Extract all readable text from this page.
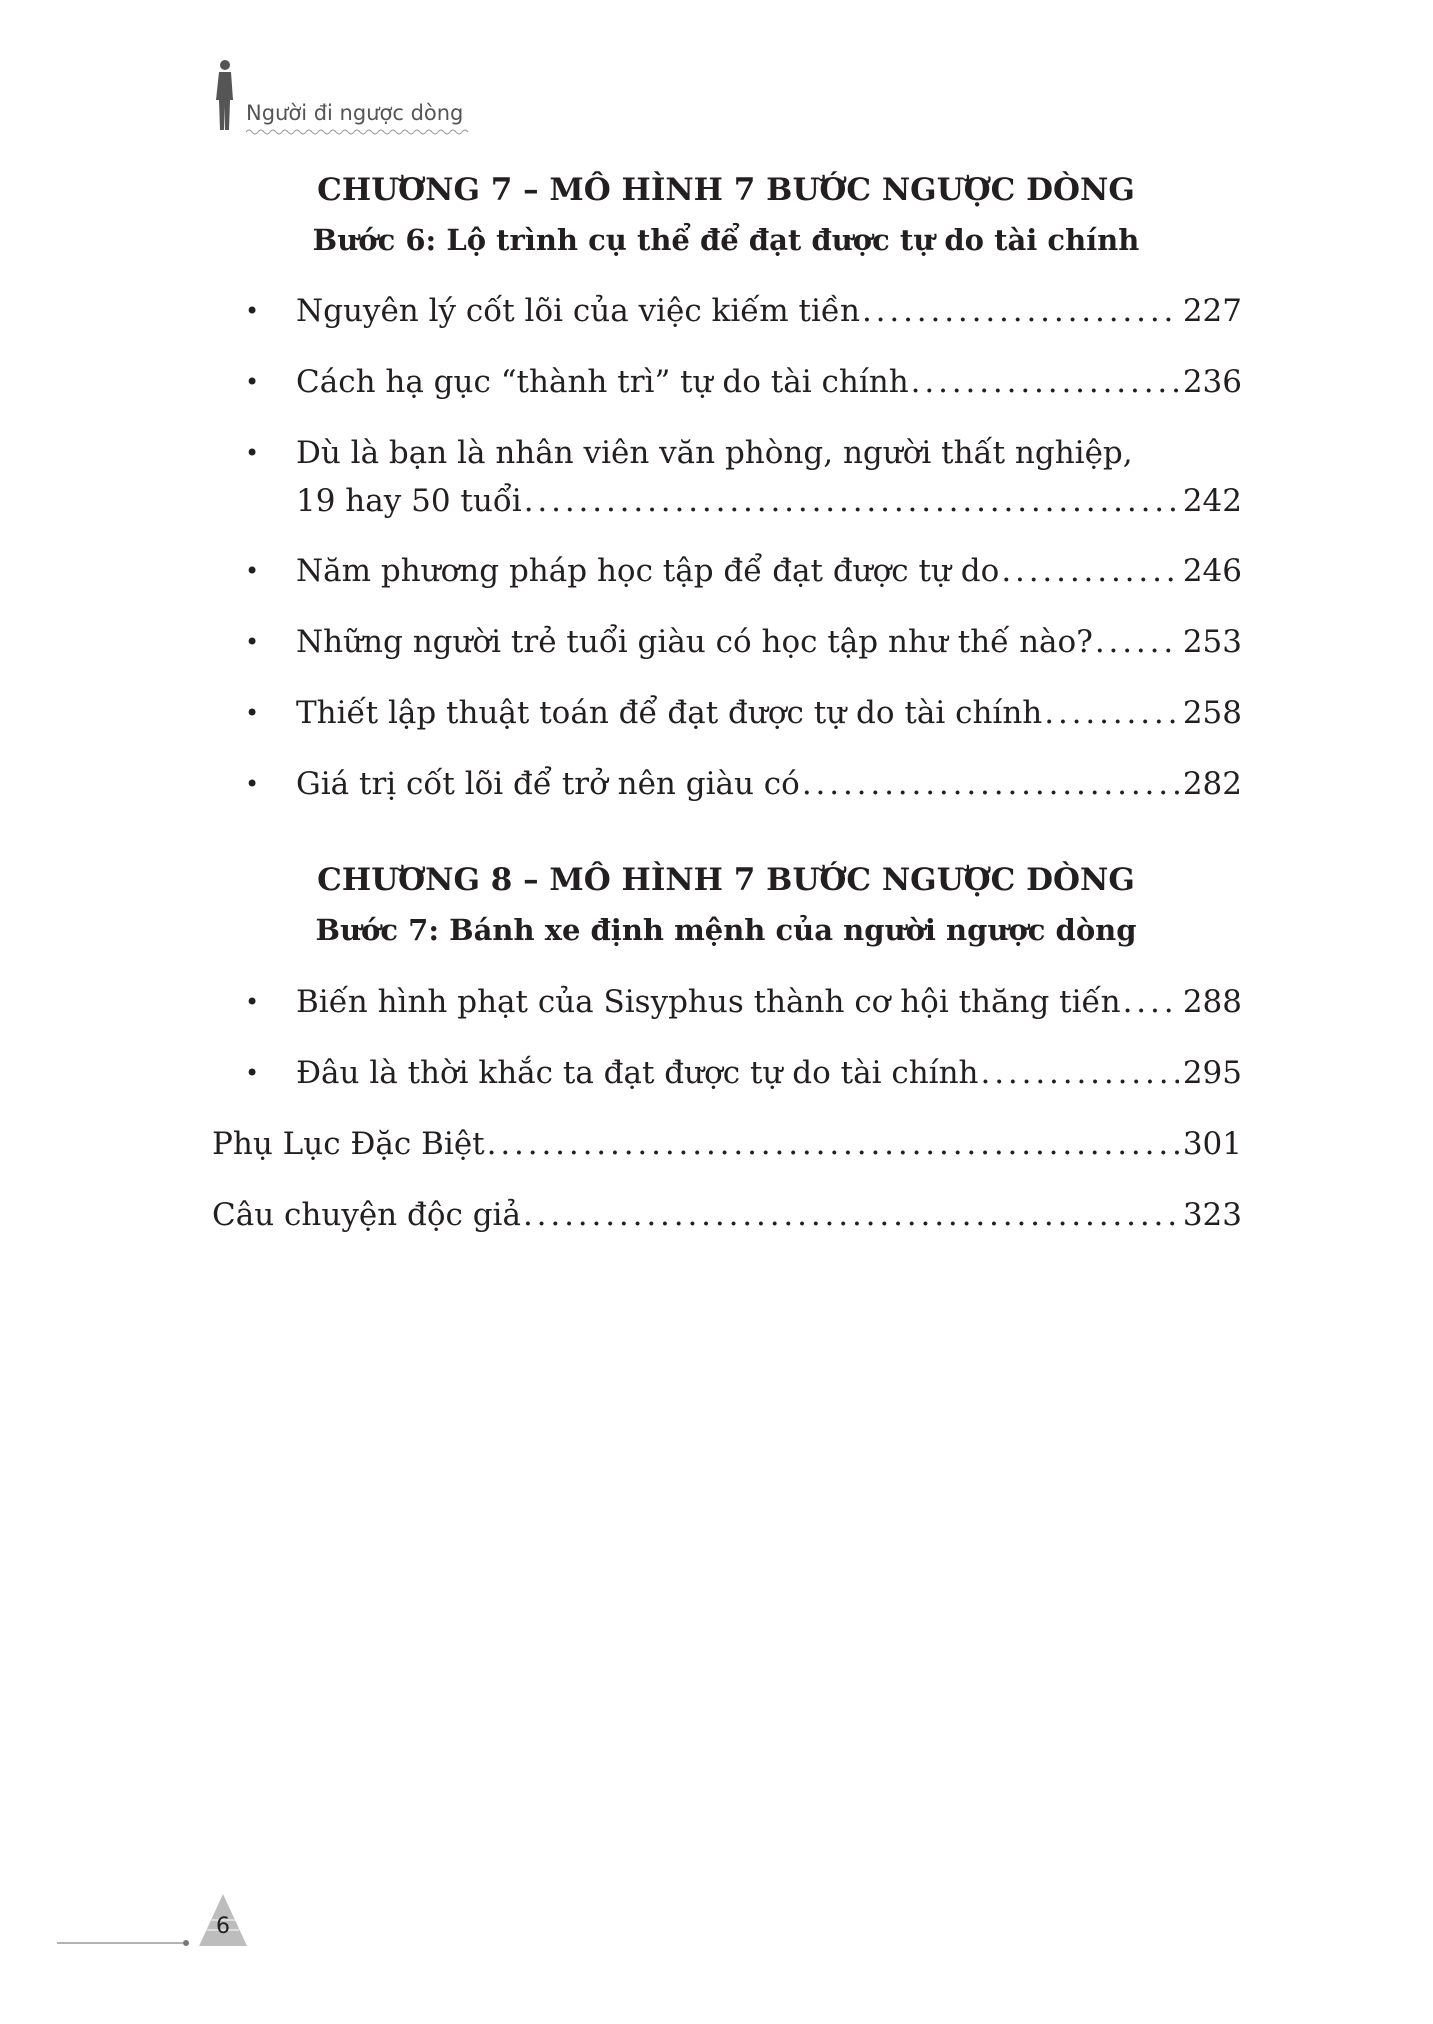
Người đi ngược dòng
CHƯƠNG 7 – MÔ HÌNH 7 BƯỚC NGƯỢC DÒNG
Bước 6: Lộ trình cụ thể để đạt được tự do tài chính
• Nguyên lý cốt lõi của việc kiếm tiền . . .	227
• Cách hạ gục “thành trì” tự do tài chính . . .	236
• Dù là bạn là nhân viên văn phòng, người thất nghiệp,
19 hay 50 tuổi . . .	242
• Năm phương pháp học tập để đạt được tự do . . .	246
• Những người trẻ tuổi giàu có học tập như thế nào? . . .	253
• Thiết lập thuật toán để đạt được tự do tài chính . . .	258
• Giá trị cốt lõi để trở nên giàu có . . .	282
CHƯƠNG 8 – MÔ HÌNH 7 BƯỚC NGƯỢC DÒNG
Bước 7: Bánh xe định mệnh của người ngược dòng
• Biến hình phạt của Sisyphus thành cơ hội thăng tiến . . . 288
• Đâu là thời khắc ta đạt được tự do tài chính . . .	295
Phụ Lục Đặc Biệt . . .	301
Câu chuyện độc giả . . .	323
6
